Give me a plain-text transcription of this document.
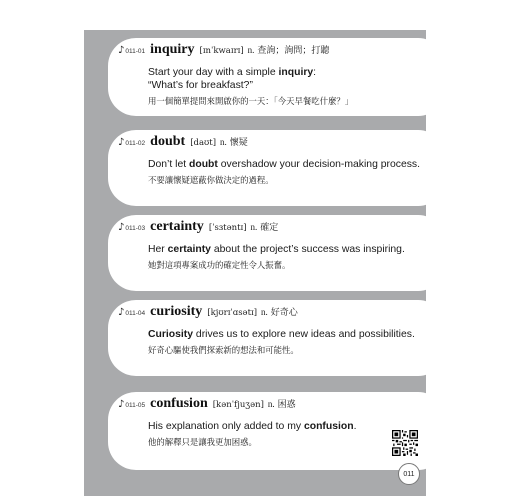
♪ 011-01 inquiry [ɪnˈkwaɪrɪ] n. 查詢；詢問；打聽
Start your day with a simple inquiry:
“What’s for breakfast?”
用一個簡單提問來開啟你的一天：「今天早餐吃什麼？」
♪ 011-02 doubt [daʊt] n. 懷疑
Don’t let doubt overshadow your decision-making process.
不要讓懷疑遮蔽你做決定的過程。
♪ 011-03 certainty [ˈsɜtəntɪ] n. 確定
Her certainty about the project’s success was inspiring.
她對這項專案成功的確定性令人振奮。
♪ 011-04 curiosity [kjʊrɪˈɑsətɪ] n. 好奇心
Curiosity drives us to explore new ideas and possibilities.
好奇心驅使我們探索新的想法和可能性。
♪ 011-05 confusion [kənˈfjuʒən] n. 困惑
His explanation only added to my confusion.
他的解釋只是讓我更加困惑。
011
